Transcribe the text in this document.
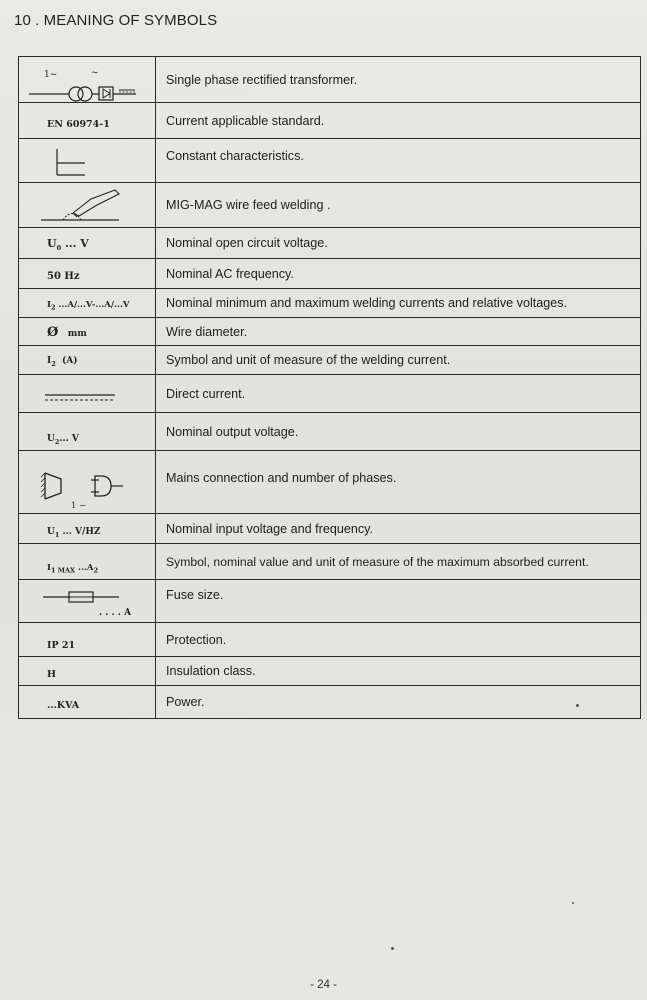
10 . MEANING OF SYMBOLS
1~ ~	Single phase rectified transformer.

EN 60974-1	Current applicable standard.

	Constant characteristics.

	MIG-MAG wire feed welding .

$U_0$ ... V	Nominal open circuit voltage.

50 Hz	Nominal AC frequency.

$I_2$ ...A/...V-...A/...V	Nominal minimum and maximum welding currents and relative voltages.

Ø   mm	Wire diameter.

$I_2$  (A)	Symbol and unit of measure of the welding current.

	Direct current.

$U_2$... V	Nominal output voltage.

1 ~	Mains connection and number of phases.

$U_1$ ... V/HZ	Nominal input voltage and frequency.

$I_{1 MAX}$ $...A_2$	Symbol, nominal value and unit of measure of the maximum absorbed current.

. . . . A	Fuse size.

IP 21	Protection.

H	Insulation class.

...KVA	Power.
- 24 -
